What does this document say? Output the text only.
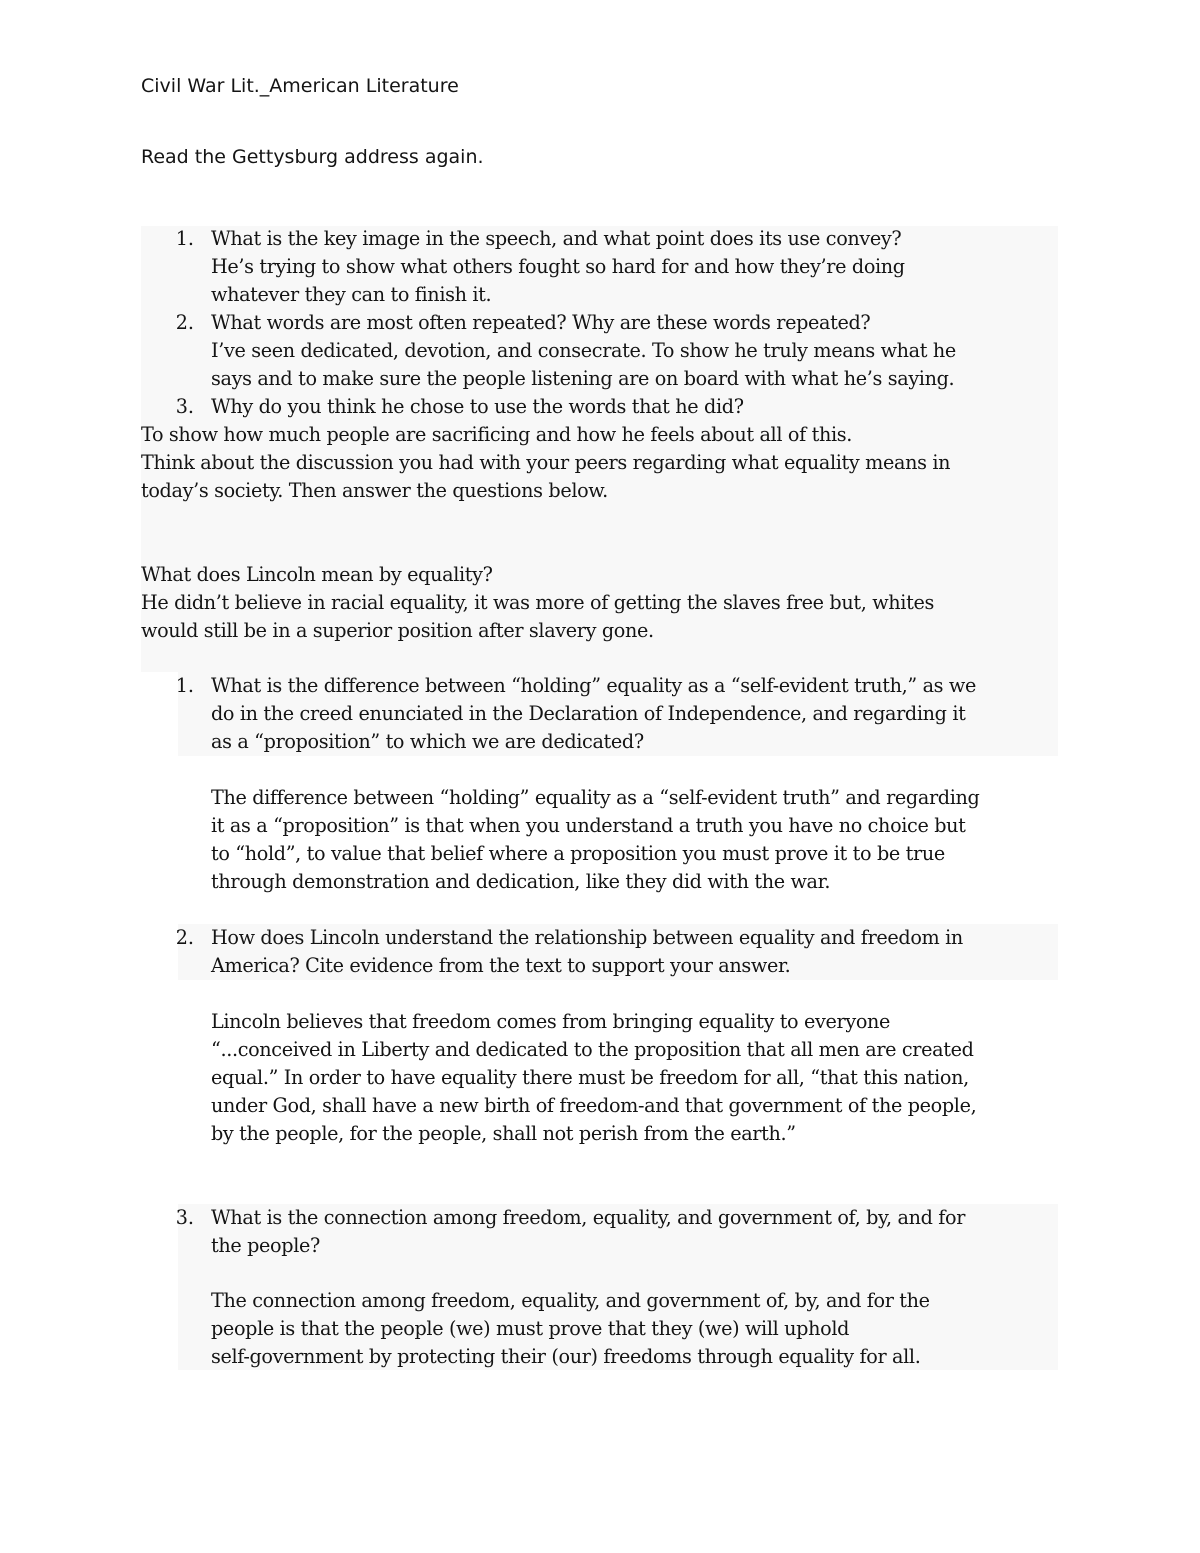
Civil War Lit._American Literature
Read the Gettysburg address again.
1. What is the key image in the speech, and what point does its use convey?
He’s trying to show what others fought so hard for and how they’re doing
whatever they can to finish it.
2. What words are most often repeated? Why are these words repeated?
I’ve seen dedicated, devotion, and consecrate. To show he truly means what he
says and to make sure the people listening are on board with what he’s saying.
3. Why do you think he chose to use the words that he did?
To show how much people are sacrificing and how he feels about all of this.
Think about the discussion you had with your peers regarding what equality means in
today’s society. Then answer the questions below.
What does Lincoln mean by equality?
He didn’t believe in racial equality, it was more of getting the slaves free but, whites
would still be in a superior position after slavery gone.
1. What is the difference between “holding” equality as a “self-evident truth,” as we
do in the creed enunciated in the Declaration of Independence, and regarding it
as a “proposition” to which we are dedicated?
The difference between “holding” equality as a “self-evident truth” and regarding
it as a “proposition” is that when you understand a truth you have no choice but
to “hold”, to value that belief where a proposition you must prove it to be true
through demonstration and dedication, like they did with the war.
2. How does Lincoln understand the relationship between equality and freedom in
America? Cite evidence from the text to support your answer.
Lincoln believes that freedom comes from bringing equality to everyone
“...conceived in Liberty and dedicated to the proposition that all men are created
equal.” In order to have equality there must be freedom for all, “that this nation,
under God, shall have a new birth of freedom-and that government of the people,
by the people, for the people, shall not perish from the earth.”
3. What is the connection among freedom, equality, and government of, by, and for
the people?
The connection among freedom, equality, and government of, by, and for the
people is that the people (we) must prove that they (we) will uphold
self-government by protecting their (our) freedoms through equality for all.
